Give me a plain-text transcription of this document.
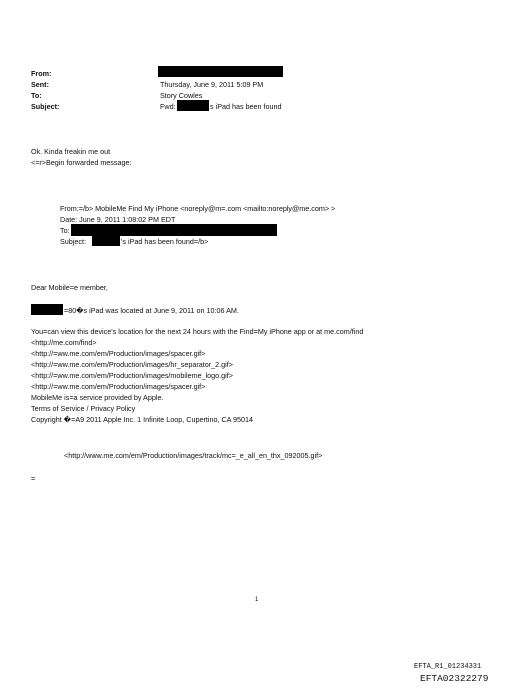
From:
Sent:	Thursday, June 9, 2011 5:09 PM
To:	Story Cowles
Subject:	Fwd:	s iPad has been found
Ok. Kinda freakin me out
<=r>Begin forwarded message:
From:=/b> MobileMe Find My iPhone <noreply@m=.com <mailto:noreply@me.com> >
Date: June 9, 2011 1:08:02 PM EDT
To:
Subject:	's iPad has been found=/b>
Dear Mobile=e member,
=80�s iPad was located at June 9, 2011 on 10:06 AM.
You=can view this device's location for the next 24 hours with the Find=My iPhone app or at me.com/find
<http://me.com/find>
<http://=ww.me.com/em/Production/images/spacer.gif>
<http://=ww.me.com/em/Production/images/hr_separator_2.gif>
<http://=ww.me.com/em/Production/images/mobileme_logo.gif>
<http://=ww.me.com/em/Production/images/spacer.gif>
MobileMe is=a service provided by Apple.
Terms of Service / Privacy Policy
Copyright �=A9 2011 Apple Inc. 1 Infinite Loop, Cupertino, CA 95014
<http://www.me.com/em/Production/images/track/mc=_e_all_en_thx_092005.gif>
=
1
EFTA_R1_01234331
EFTA02322279
